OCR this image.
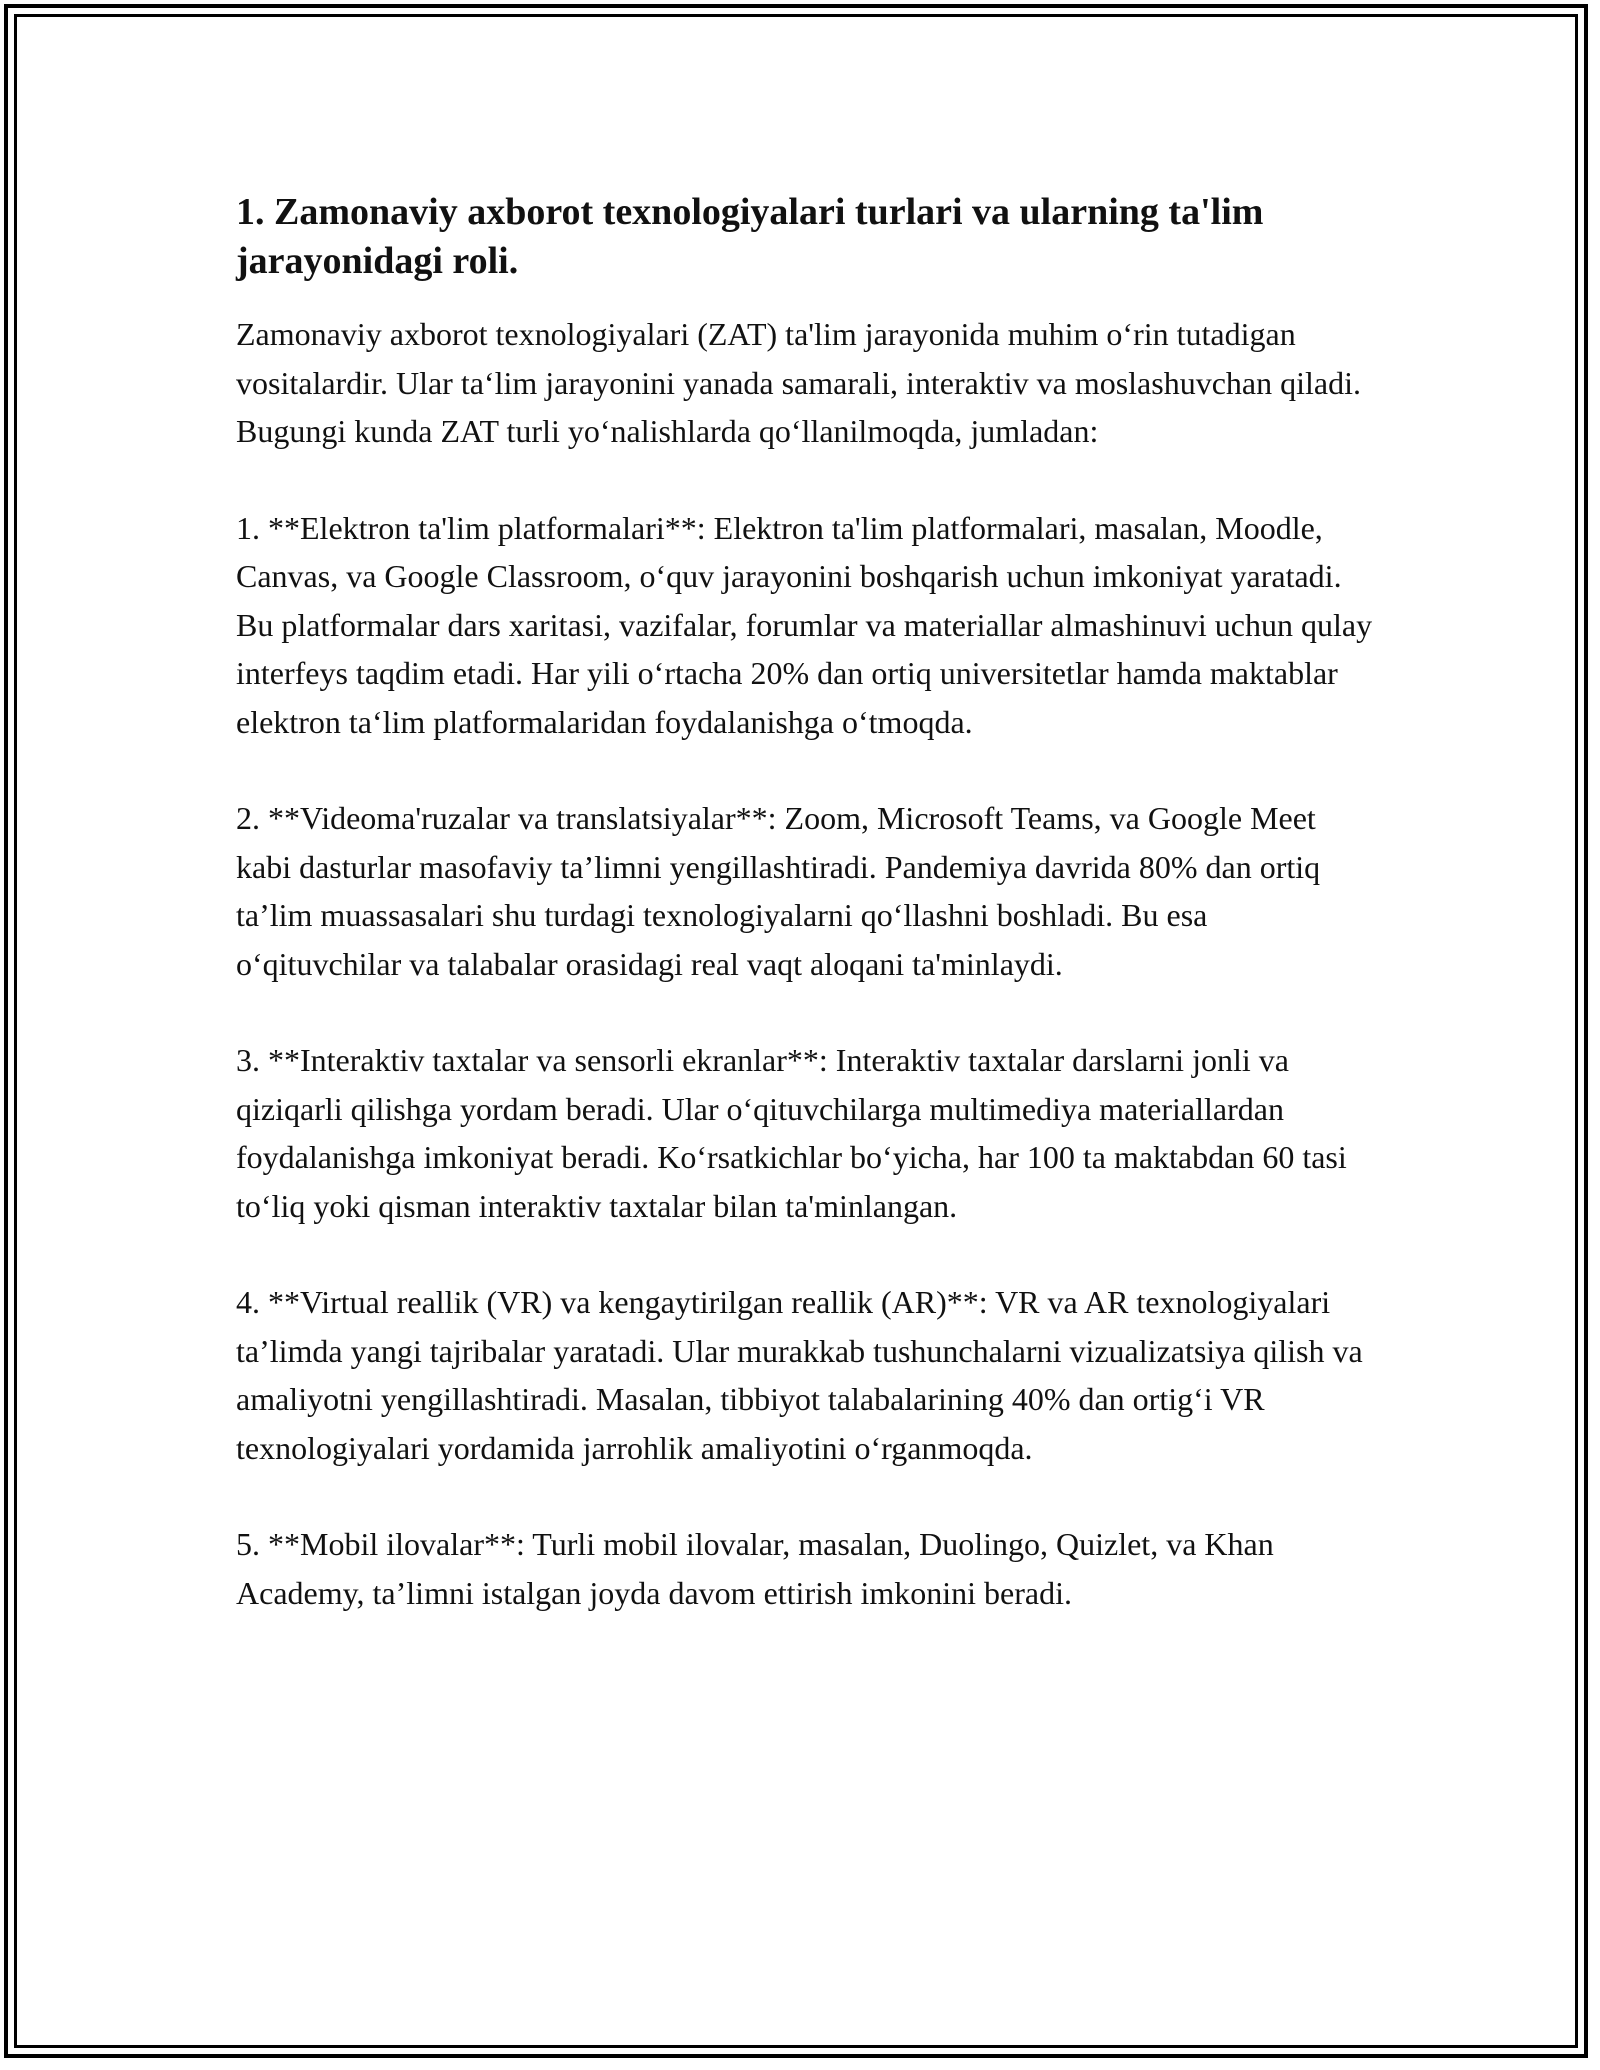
1. Zamonaviy axborot texnologiyalari turlari va ularning ta'lim jarayonidagi roli.

Zamonaviy axborot texnologiyalari (ZAT) ta'lim jarayonida muhim o‘rin tutadigan vositalardir. Ular ta‘lim jarayonini yanada samarali, interaktiv va moslashuvchan qiladi. Bugungi kunda ZAT turli yo‘nalishlarda qo‘llanilmoqda, jumladan:

1. **Elektron ta'lim platformalari**: Elektron ta'lim platformalari, masalan, Moodle, Canvas, va Google Classroom, o‘quv jarayonini boshqarish uchun imkoniyat yaratadi. Bu platformalar dars xaritasi, vazifalar, forumlar va materiallar almashinuvi uchun qulay interfeys taqdim etadi. Har yili o‘rtacha 20% dan ortiq universitetlar hamda maktablar elektron ta‘lim platformalaridan foydalanishga o‘tmoqda.

2. **Videoma'ruzalar va translatsiyalar**: Zoom, Microsoft Teams, va Google Meet kabi dasturlar masofaviy ta’limni yengillashtiradi. Pandemiya davrida 80% dan ortiq ta’lim muassasalari shu turdagi texnologiyalarni qo‘llashni boshladi. Bu esa o‘qituvchilar va talabalar orasidagi real vaqt aloqani ta'minlaydi.

3. **Interaktiv taxtalar va sensorli ekranlar**: Interaktiv taxtalar darslarni jonli va qiziqarli qilishga yordam beradi. Ular o‘qituvchilarga multimediya materiallardan foydalanishga imkoniyat beradi. Ko‘rsatkichlar bo‘yicha, har 100 ta maktabdan 60 tasi to‘liq yoki qisman interaktiv taxtalar bilan ta'minlangan.

4. **Virtual reallik (VR) va kengaytirilgan reallik (AR)**: VR va AR texnologiyalari ta’limda yangi tajribalar yaratadi. Ular murakkab tushunchalarni vizualizatsiya qilish va amaliyotni yengillashtiradi. Masalan, tibbiyot talabalarining 40% dan ortig‘i VR texnologiyalari yordamida jarrohlik amaliyotini o‘rganmoqda.

5. **Mobil ilovalar**: Turli mobil ilovalar, masalan, Duolingo, Quizlet, va Khan Academy, ta’limni istalgan joyda davom ettirish imkonini beradi.
